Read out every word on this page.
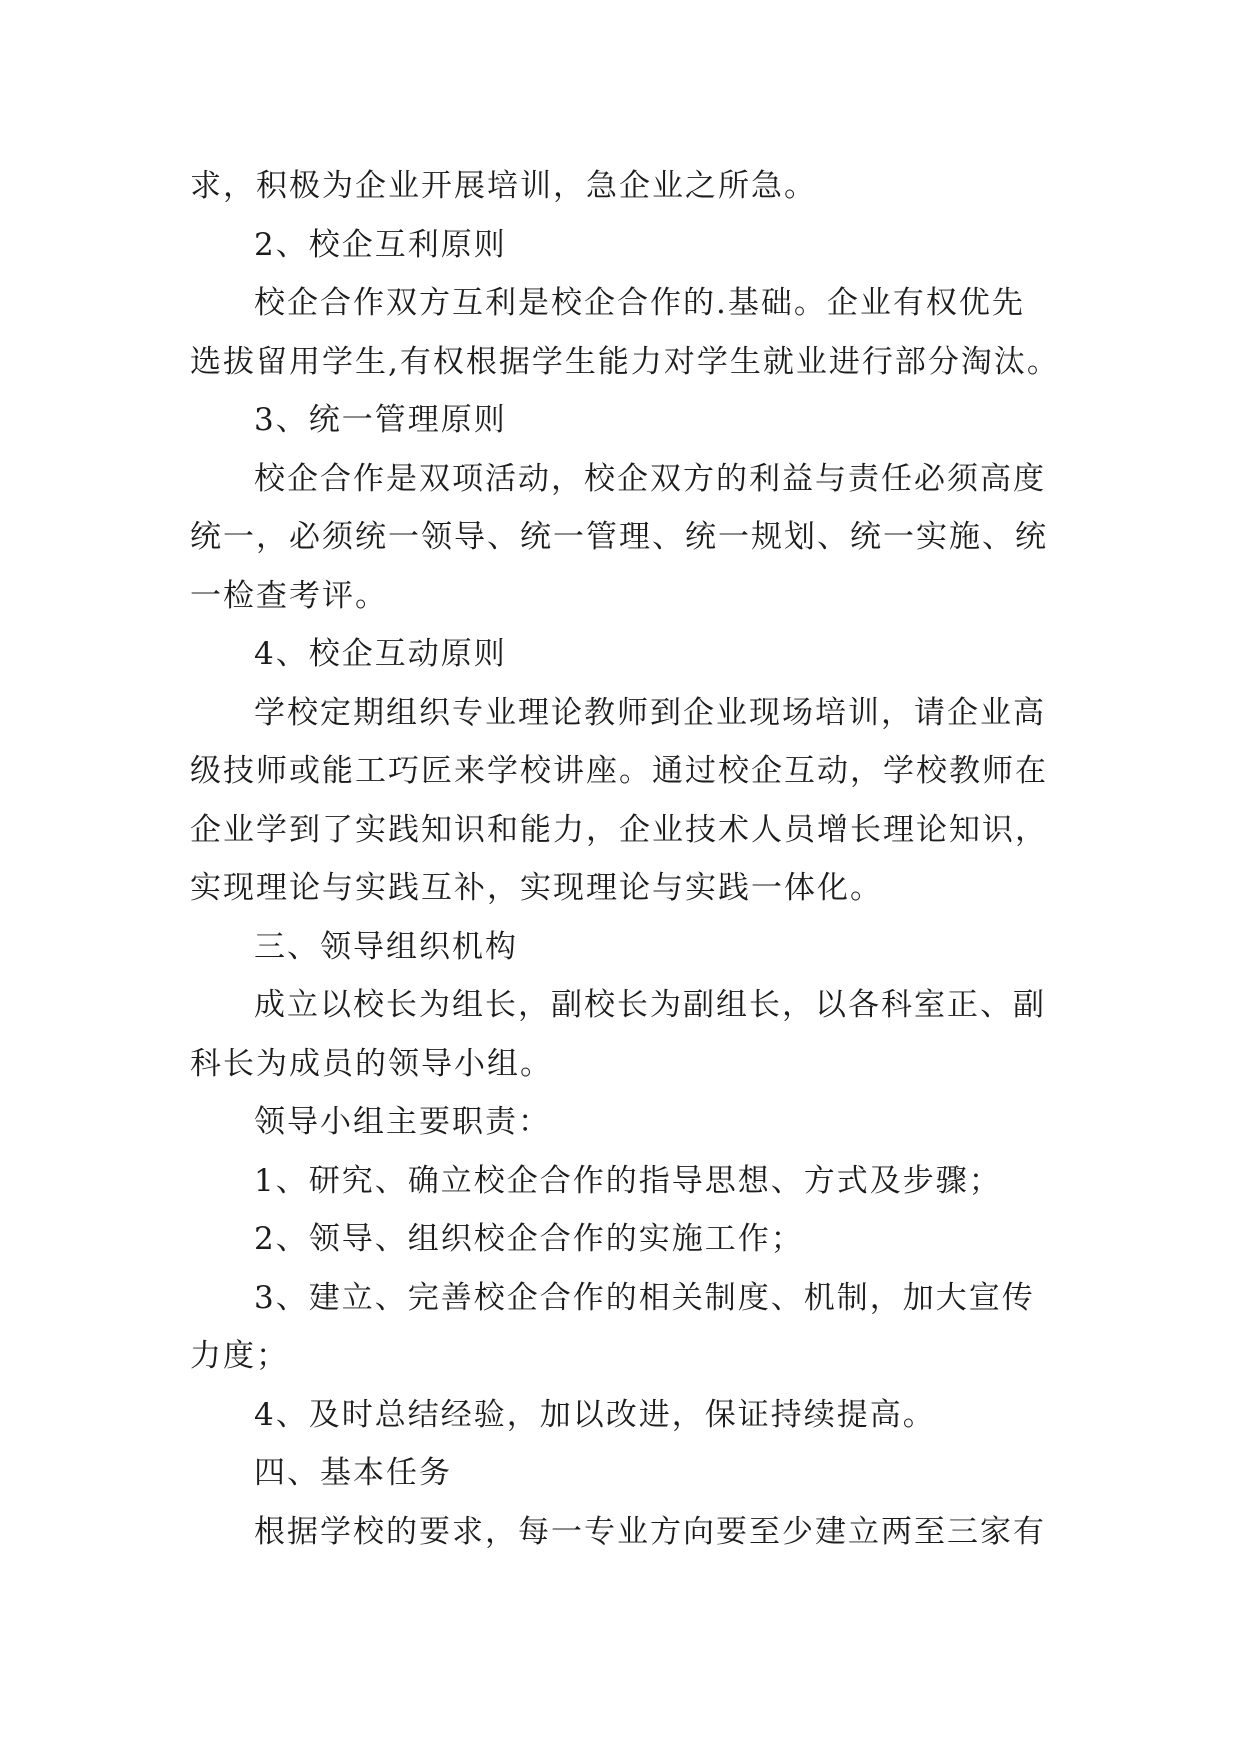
求，积极为企业开展培训，急企业之所急。
2、校企互利原则
校企合作双方互利是校企合作的.基础。企业有权优先
选拔留用学生,有权根据学生能力对学生就业进行部分淘汰。
3、统一管理原则
校企合作是双项活动，校企双方的利益与责任必须高度
统一，必须统一领导、统一管理、统一规划、统一实施、统
一检查考评。
4、校企互动原则
学校定期组织专业理论教师到企业现场培训，请企业高
级技师或能工巧匠来学校讲座。通过校企互动，学校教师在
企业学到了实践知识和能力，企业技术人员增长理论知识，
实现理论与实践互补，实现理论与实践一体化。
三、领导组织机构
成立以校长为组长，副校长为副组长，以各科室正、副
科长为成员的领导小组。
领导小组主要职责：
1、研究、确立校企合作的指导思想、方式及步骤；
2、领导、组织校企合作的实施工作；
3、建立、完善校企合作的相关制度、机制，加大宣传
力度；
4、及时总结经验，加以改进，保证持续提高。
四、基本任务
根据学校的要求，每一专业方向要至少建立两至三家有
